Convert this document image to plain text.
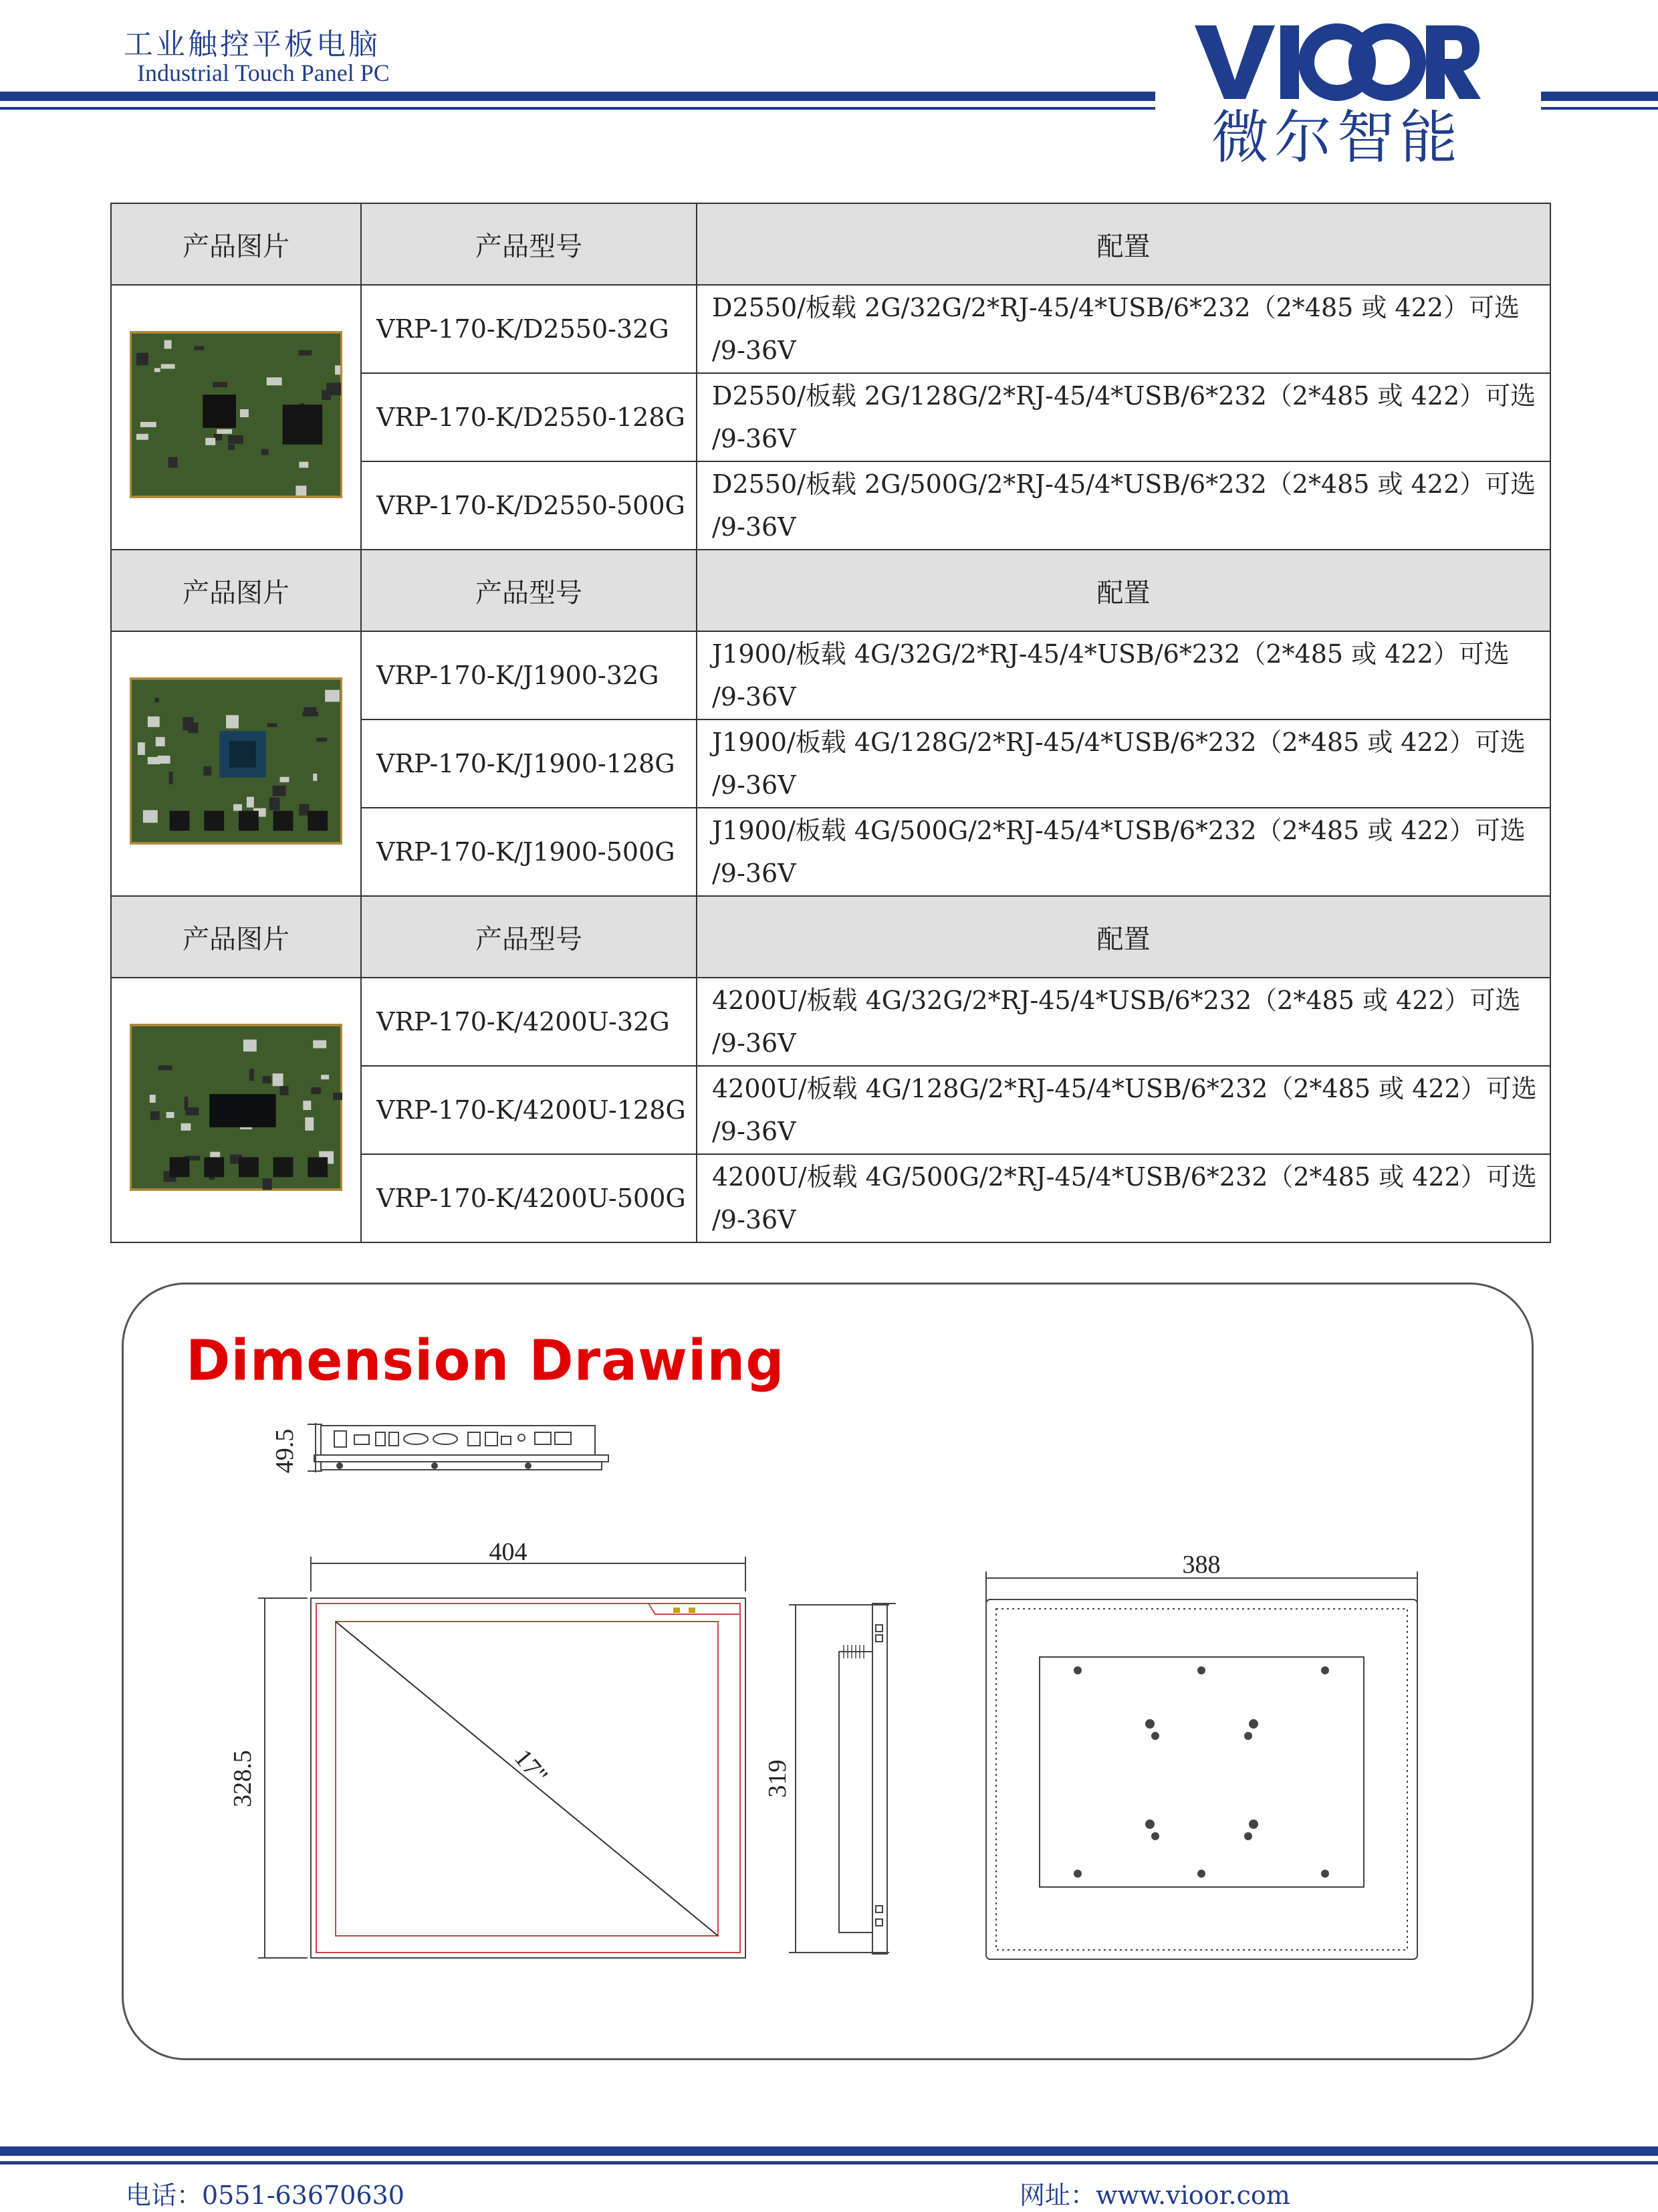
工业触控平板电脑
Industrial Touch Panel PC
微尔智能
产品图片	产品型号	配置
	VRP-170-K/D2550-32G	D2550/板载 2G/32G/2*RJ-45/4*USB/6*232（2*485 或 422）可选
/9-36V

	VRP-170-K/D2550-128G	D2550/板载 2G/128G/2*RJ-45/4*USB/6*232（2*485 或 422）可选
/9-36V

	VRP-170-K/D2550-500G	D2550/板载 2G/500G/2*RJ-45/4*USB/6*232（2*485 或 422）可选
/9-36V

产品图片	产品型号	配置
	VRP-170-K/J1900-32G	J1900/板载 4G/32G/2*RJ-45/4*USB/6*232（2*485 或 422）可选
/9-36V

	VRP-170-K/J1900-128G	J1900/板载 4G/128G/2*RJ-45/4*USB/6*232（2*485 或 422）可选
/9-36V

	VRP-170-K/J1900-500G	J1900/板载 4G/500G/2*RJ-45/4*USB/6*232（2*485 或 422）可选
/9-36V

产品图片	产品型号	配置
	VRP-170-K/4200U-32G	4200U/板载 4G/32G/2*RJ-45/4*USB/6*232（2*485 或 422）可选
/9-36V

	VRP-170-K/4200U-128G	4200U/板载 4G/128G/2*RJ-45/4*USB/6*232（2*485 或 422）可选
/9-36V

	VRP-170-K/4200U-500G	4200U/板载 4G/500G/2*RJ-45/4*USB/6*232（2*485 或 422）可选
/9-36V
Dimension Drawing
49.5
404
328.5	17"	319
388
电话：0551-63670630	网址：www.vioor.com
